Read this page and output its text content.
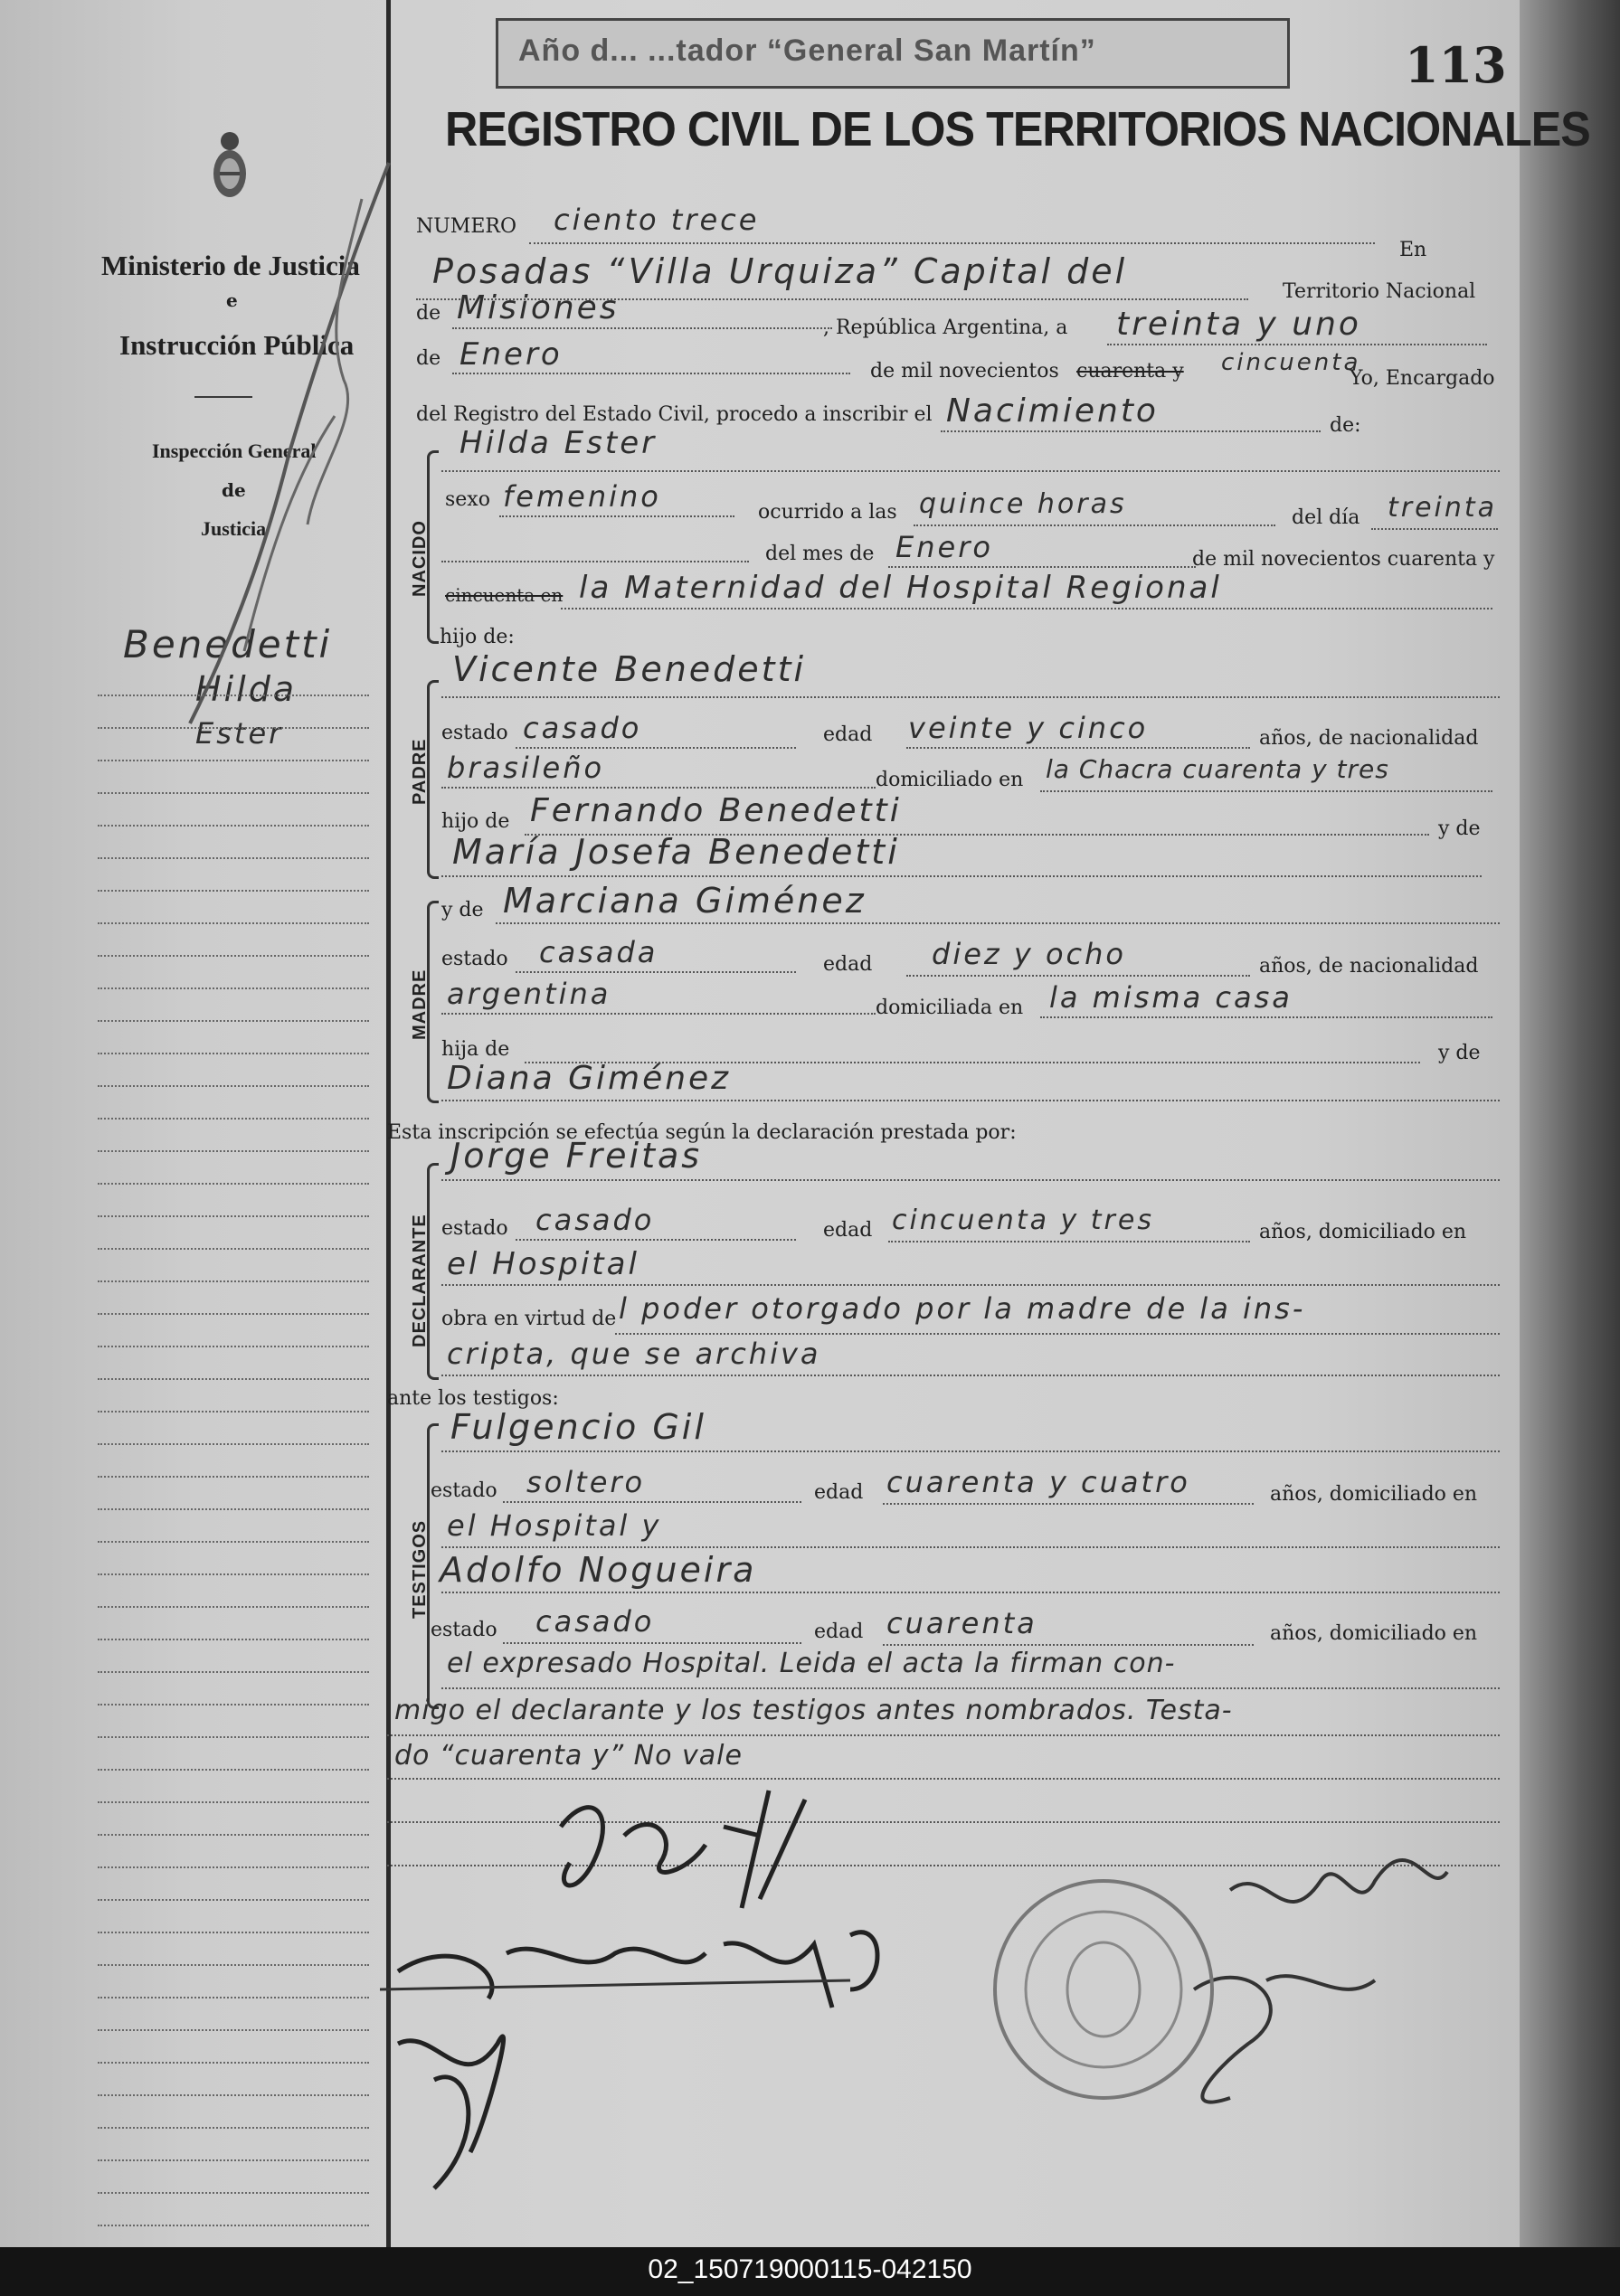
Año d... ...tador “General San Martín”	113
REGISTRO CIVIL DE LOS TERRITORIOS NACIONALES
Ministerio de Justicia
e
Instrucción Pública
Inspección General
de
Justicia
Benedetti
Hilda
Ester
NUMERO ciento trece
En
Posadas “Villa Urquiza” Capital del
Territorio Nacional
de Misiones
, República Argentina, a treinta y uno
de Enero	de mil novecientos cuarenta y cincuenta
Yo, Encargado
del Registro del Estado Civil, procedo a inscribir el Nacimiento	de:
NACIDO
Hilda Ester
sexo femenino	ocurrido a las quince horas	del día treinta
del mes de Enero	de mil novecientos cuarenta y
cincuenta en la Maternidad del Hospital Regional
hijo de:
PADRE
Vicente Benedetti
estado casado	edad veinte y cinco	años, de nacionalidad
brasileño	domiciliado en la Chacra cuarenta y tres
hijo de Fernando Benedetti	y de
María Josefa Benedetti
MADRE
y de Marciana Giménez
estado casada	edad diez y ocho	años, de nacionalidad
argentina	domiciliada en la misma casa
hija de	y de
Diana Giménez
Esta inscripción se efectúa según la declaración prestada por:
DECLARANTE
Jorge Freitas
estado casado	edad cincuenta y tres	años, domiciliado en
el Hospital
obra en virtud de l poder otorgado por la madre de la ins-
cripta, que se archiva
ante los testigos:
TESTIGOS
Fulgencio Gil
estado soltero	edad cuarenta y cuatro	años, domiciliado en
el Hospital y
Adolfo Nogueira
estado casado	edad cuarenta	años, domiciliado en
el expresado Hospital. Leida el acta la firman con-
migo el declarante y los testigos antes nombrados. Testa-
do “cuarenta y” No vale
02_150719000115-042150
